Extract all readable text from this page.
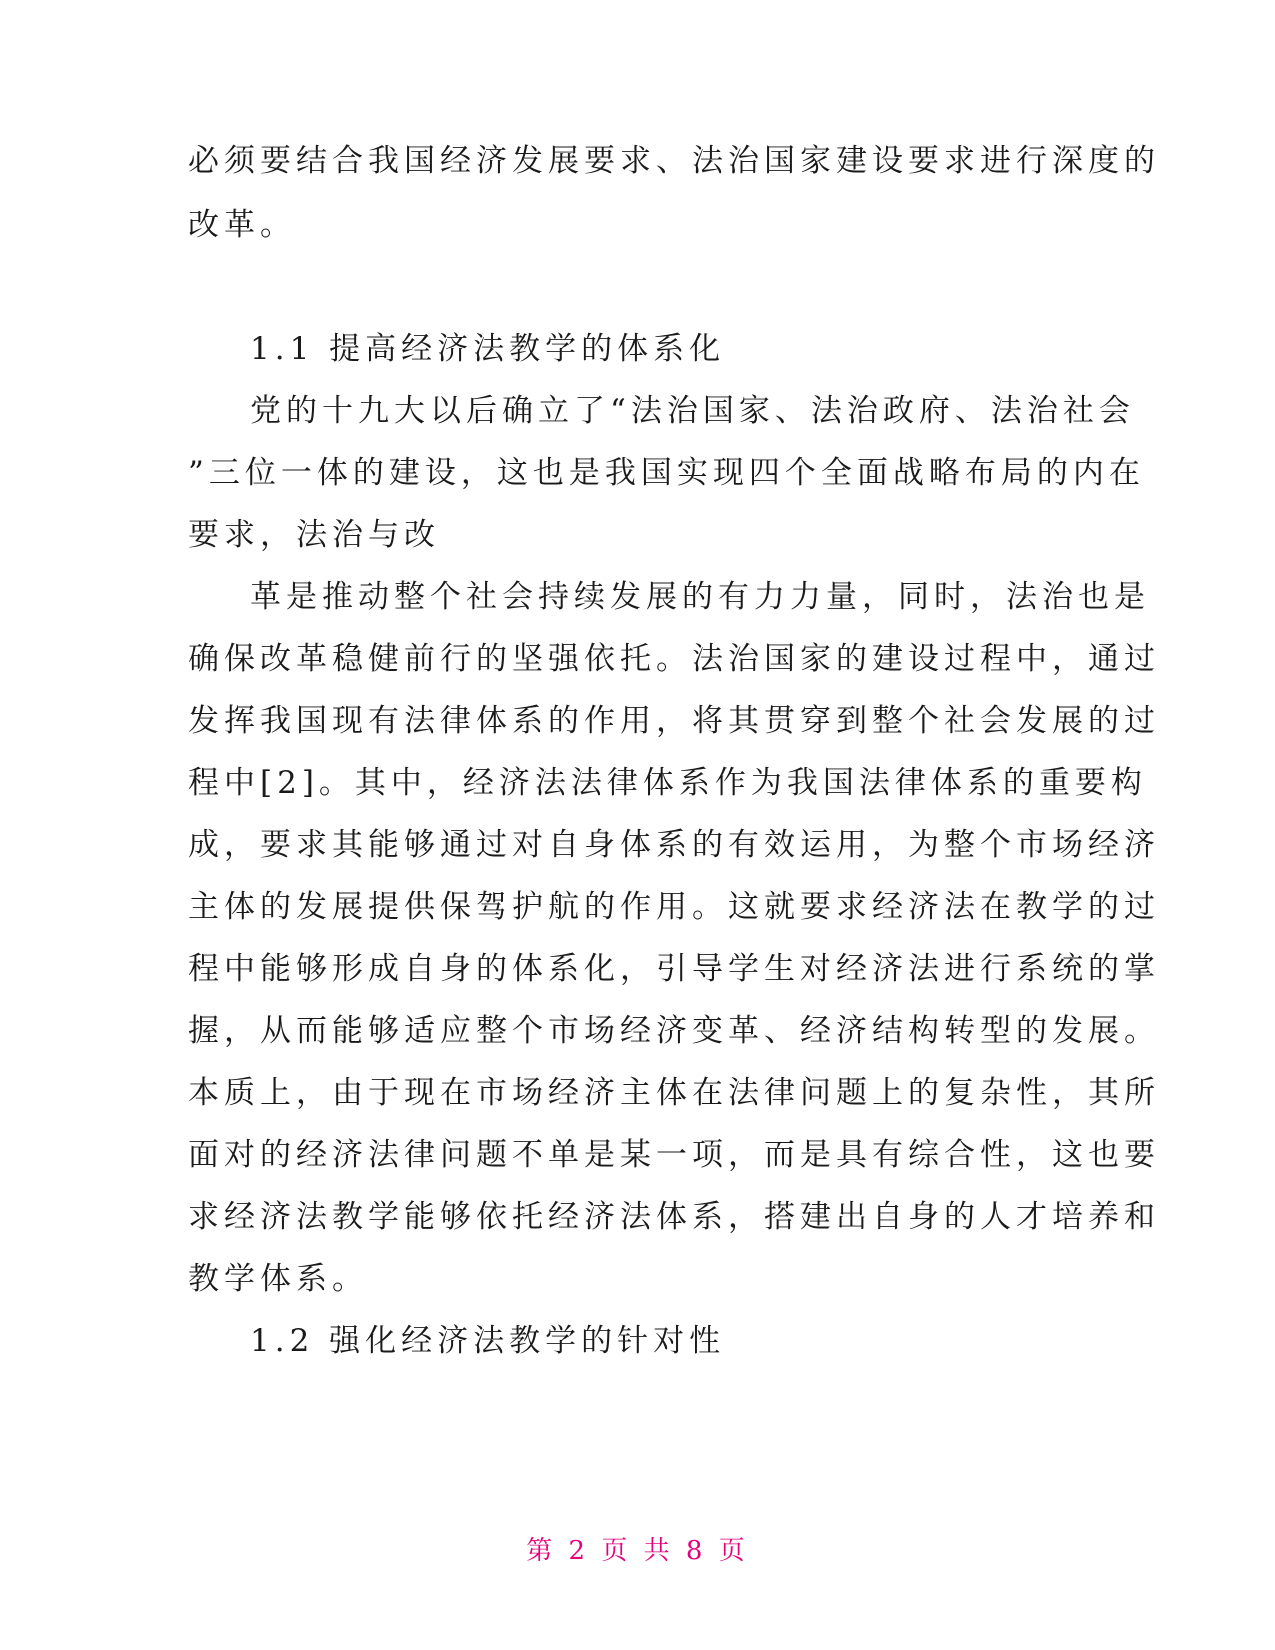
必须要结合我国经济发展要求、法治国家建设要求进行深度的
改革。
1.1 提高经济法教学的体系化
党的十九大以后确立了“法治国家、法治政府、法治社会
”三位一体的建设，这也是我国实现四个全面战略布局的内在
要求，法治与改
革是推动整个社会持续发展的有力力量，同时，法治也是
确保改革稳健前行的坚强依托。法治国家的建设过程中，通过
发挥我国现有法律体系的作用，将其贯穿到整个社会发展的过
程中[2]。其中，经济法法律体系作为我国法律体系的重要构
成，要求其能够通过对自身体系的有效运用，为整个市场经济
主体的发展提供保驾护航的作用。这就要求经济法在教学的过
程中能够形成自身的体系化，引导学生对经济法进行系统的掌
握，从而能够适应整个市场经济变革、经济结构转型的发展。
本质上，由于现在市场经济主体在法律问题上的复杂性，其所
面对的经济法律问题不单是某一项，而是具有综合性，这也要
求经济法教学能够依托经济法体系，搭建出自身的人才培养和
教学体系。
1.2 强化经济法教学的针对性
第 2 页 共 8 页
